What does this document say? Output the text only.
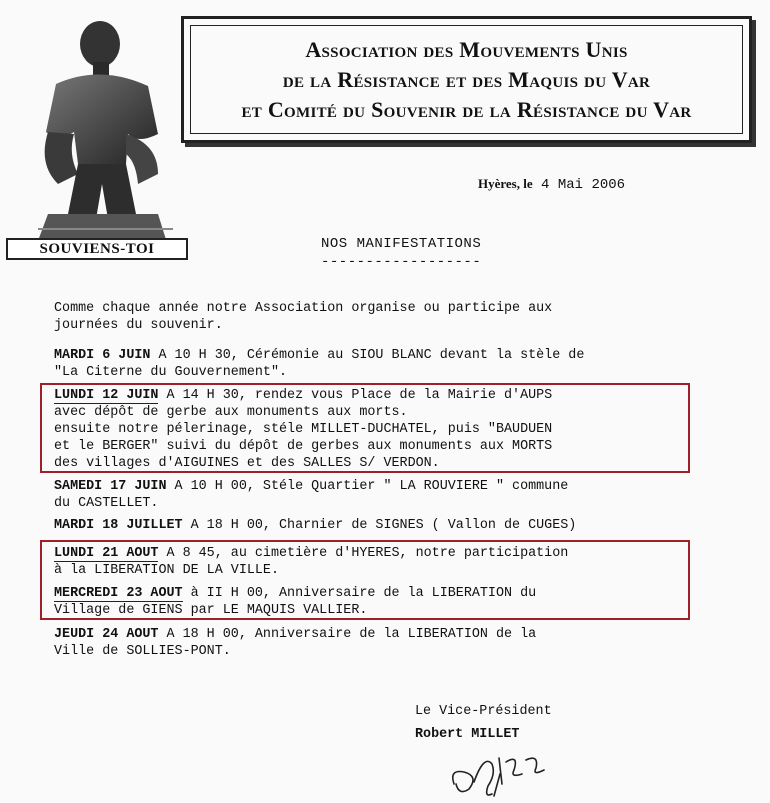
SOUVIENS-TOI
Association des Mouvements Unis
de la Résistance et des Maquis du Var
et Comité du Souvenir de la Résistance du Var
Hyères, le 4 Mai 2006
NOS MANIFESTATIONS
------------------
Comme chaque année notre Association organise ou participe aux
journées du souvenir.
MARDI 6 JUIN A 10 H 30, Cérémonie au SIOU BLANC devant la stèle de
"La Citerne du Gouvernement".
LUNDI 12 JUIN A 14 H 30, rendez vous Place de la Mairie d'AUPS
avec dépôt de gerbe aux monuments aux morts.
ensuite notre pélerinage, stéle MILLET-DUCHATEL, puis "BAUDUEN
et le BERGER" suivi du dépôt de gerbes aux monuments aux MORTS
des villages d'AIGUINES et des SALLES S/ VERDON.
SAMEDI 17 JUIN A 10 H 00, Stéle Quartier " LA ROUVIERE " commune
du CASTELLET.
MARDI 18 JUILLET A 18 H 00, Charnier de SIGNES ( Vallon de CUGES)
LUNDI 21 AOUT A 8 45, au cimetière d'HYERES, notre participation
à la LIBERATION DE LA VILLE.
MERCREDI 23 AOUT à II H 00, Anniversaire de la LIBERATION du
Village de GIENS par LE MAQUIS VALLIER.
JEUDI 24 AOUT A 18 H 00, Anniversaire de la LIBERATION de la
Ville de SOLLIES-PONT.
Le Vice-Président
Robert MILLET
